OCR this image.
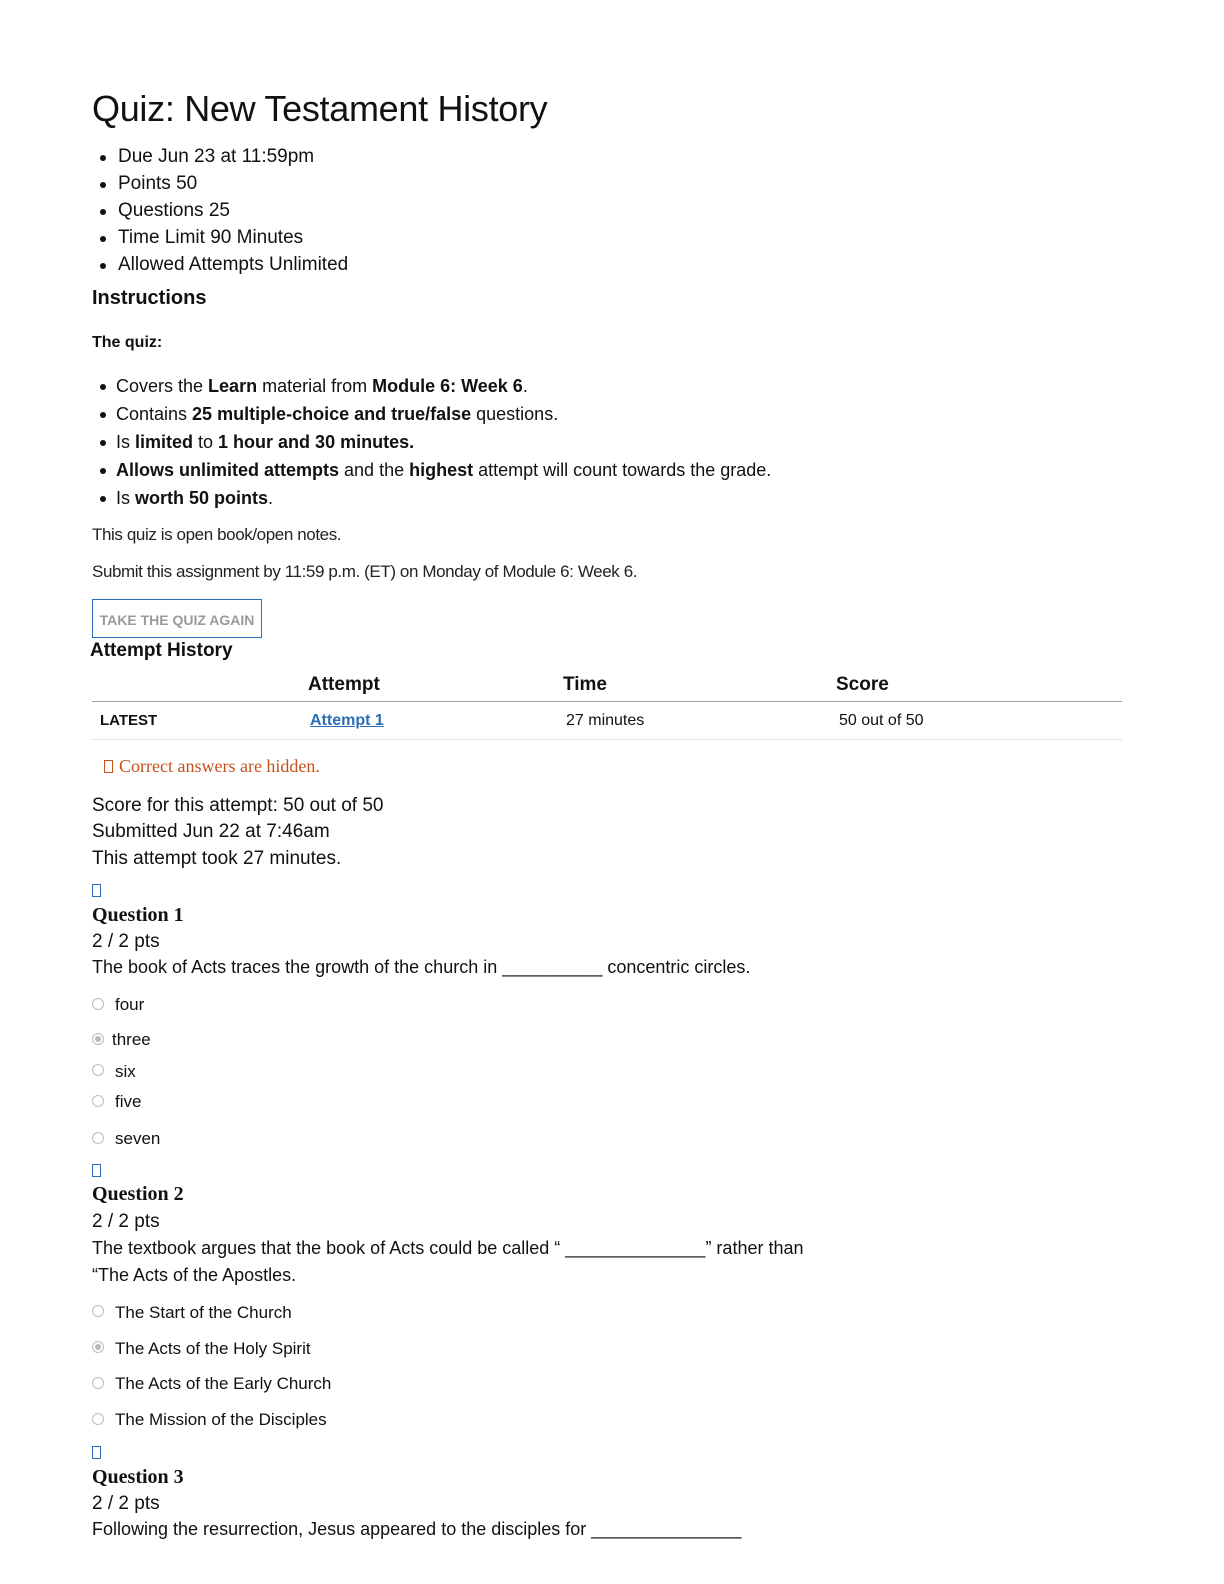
Quiz: New Testament History
Due Jun 23 at 11:59pm
Points 50
Questions 25
Time Limit 90 Minutes
Allowed Attempts Unlimited
Instructions
The quiz:
Covers the Learn material from Module 6: Week 6.
Contains 25 multiple-choice and true/false questions.
Is limited to 1 hour and 30 minutes.
Allows unlimited attempts and the highest attempt will count towards the grade.
Is worth 50 points.
This quiz is open book/open notes.
Submit this assignment by 11:59 p.m. (ET) on Monday of Module 6: Week 6.
TAKE THE QUIZ AGAIN
Attempt History
	Attempt	Time	Score
LATEST	Attempt 1	27 minutes	50 out of 50
Correct answers are hidden.
Score for this attempt: 50 out of 50
Submitted Jun 22 at 7:46am
This attempt took 27 minutes.
Question 1
2 / 2 pts
The book of Acts traces the growth of the church in __________ concentric circles.
four
three
six
five
seven
Question 2
2 / 2 pts
The textbook argues that the book of Acts could be called “ ______________” rather than
“The Acts of the Apostles.
The Start of the Church
The Acts of the Holy Spirit
The Acts of the Early Church
The Mission of the Disciples
Question 3
2 / 2 pts
Following the resurrection, Jesus appeared to the disciples for _______________
